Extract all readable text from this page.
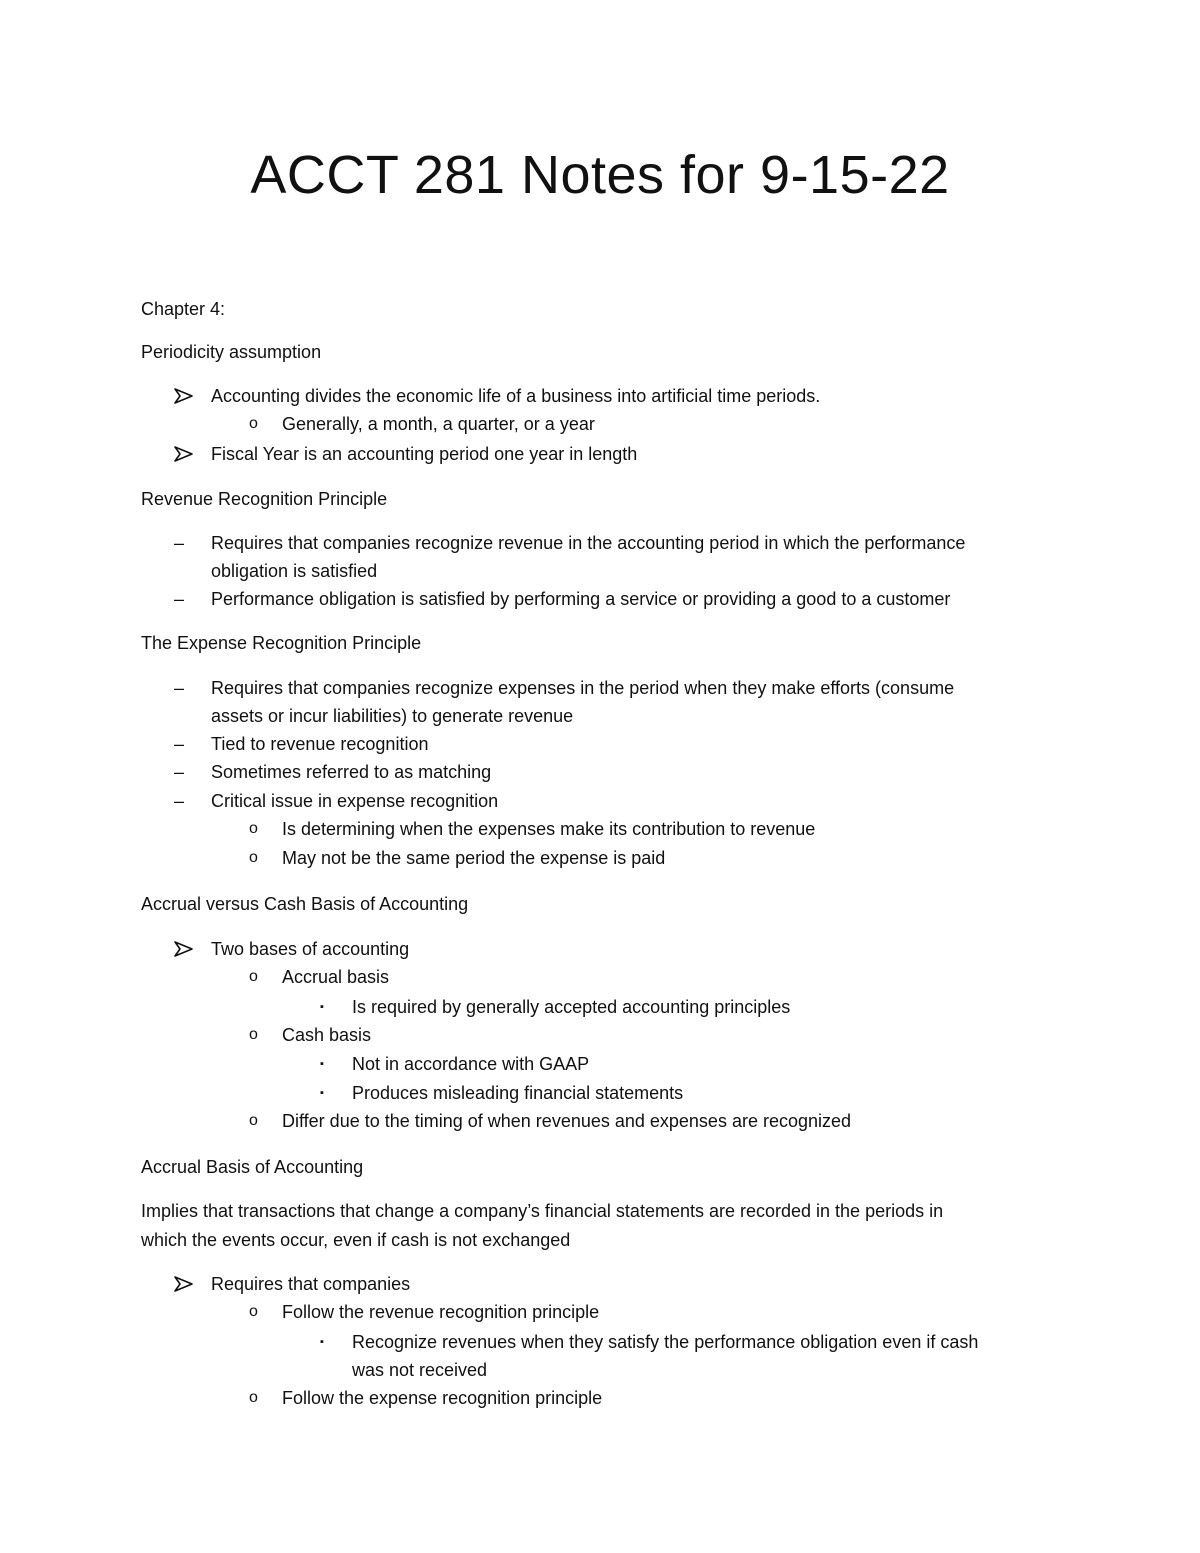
ACCT 281 Notes for 9-15-22

Chapter 4:

Periodicity assumption

Accounting divides the economic life of a business into artificial time periods.

o Generally, a month, a quarter, or a year

Fiscal Year is an accounting period one year in length

Revenue Recognition Principle

– Requires that companies recognize revenue in the accounting period in which the performance

obligation is satisfied

– Performance obligation is satisfied by performing a service or providing a good to a customer

The Expense Recognition Principle

– Requires that companies recognize expenses in the period when they make efforts (consume

assets or incur liabilities) to generate revenue

– Tied to revenue recognition

– Sometimes referred to as matching

– Critical issue in expense recognition

o Is determining when the expenses make its contribution to revenue

o May not be the same period the expense is paid

Accrual versus Cash Basis of Accounting

Two bases of accounting

o Accrual basis

▪ Is required by generally accepted accounting principles

o Cash basis

▪ Not in accordance with GAAP

▪ Produces misleading financial statements

o Differ due to the timing of when revenues and expenses are recognized

Accrual Basis of Accounting

Implies that transactions that change a company’s financial statements are recorded in the periods in

which the events occur, even if cash is not exchanged

Requires that companies

o Follow the revenue recognition principle

▪ Recognize revenues when they satisfy the performance obligation even if cash

was not received

o Follow the expense recognition principle
